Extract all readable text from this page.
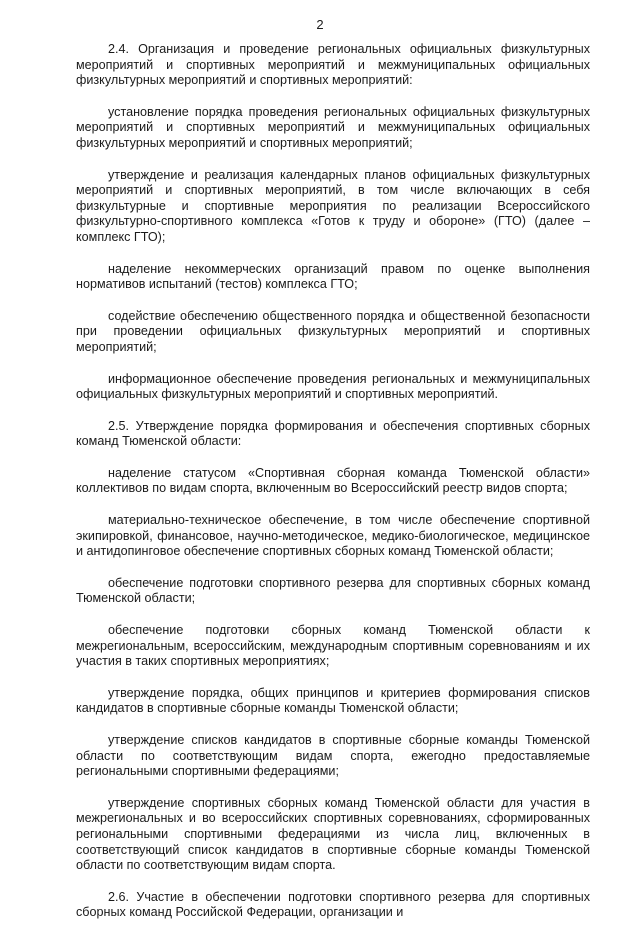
2

2.4. Организация и проведение региональных официальных физкультурных мероприятий и спортивных мероприятий и межмуниципальных официальных физкультурных мероприятий и спортивных мероприятий:

установление порядка проведения региональных официальных физкультурных мероприятий и спортивных мероприятий и межмуниципальных официальных физкультурных мероприятий и спортивных мероприятий;

утверждение и реализация календарных планов официальных физкультурных мероприятий и спортивных мероприятий, в том числе включающих в себя физкультурные и спортивные мероприятия по реализации Всероссийского физкультурно-спортивного комплекса «Готов к труду и обороне» (ГТО) (далее – комплекс ГТО);

наделение некоммерческих организаций правом по оценке выполнения нормативов испытаний (тестов) комплекса ГТО;

содействие обеспечению общественного порядка и общественной безопасности при проведении официальных физкультурных мероприятий и спортивных мероприятий;

информационное обеспечение проведения региональных и межмуниципальных официальных физкультурных мероприятий и спортивных мероприятий.

2.5. Утверждение порядка формирования и обеспечения спортивных сборных команд Тюменской области:

наделение статусом «Спортивная сборная команда Тюменской области» коллективов по видам спорта, включенным во Всероссийский реестр видов спорта;

материально-техническое обеспечение, в том числе обеспечение спортивной экипировкой, финансовое, научно-методическое, медико-биологическое, медицинское и антидопинговое обеспечение спортивных сборных команд Тюменской области;

обеспечение подготовки спортивного резерва для спортивных сборных команд Тюменской области;

обеспечение подготовки сборных команд Тюменской области к межрегиональным, всероссийским, международным спортивным соревнованиям и их участия в таких спортивных мероприятиях;

утверждение порядка, общих принципов и критериев формирования списков кандидатов в спортивные сборные команды Тюменской области;

утверждение списков кандидатов в спортивные сборные команды Тюменской области по соответствующим видам спорта, ежегодно предоставляемые региональными спортивными федерациями;

утверждение спортивных сборных команд Тюменской области для участия в межрегиональных и во всероссийских спортивных соревнованиях, сформированных региональными спортивными федерациями из числа лиц, включенных в соответствующий список кандидатов в спортивные сборные команды Тюменской области по соответствующим видам спорта.

2.6. Участие в обеспечении подготовки спортивного резерва для спортивных сборных команд Российской Федерации, организации и
